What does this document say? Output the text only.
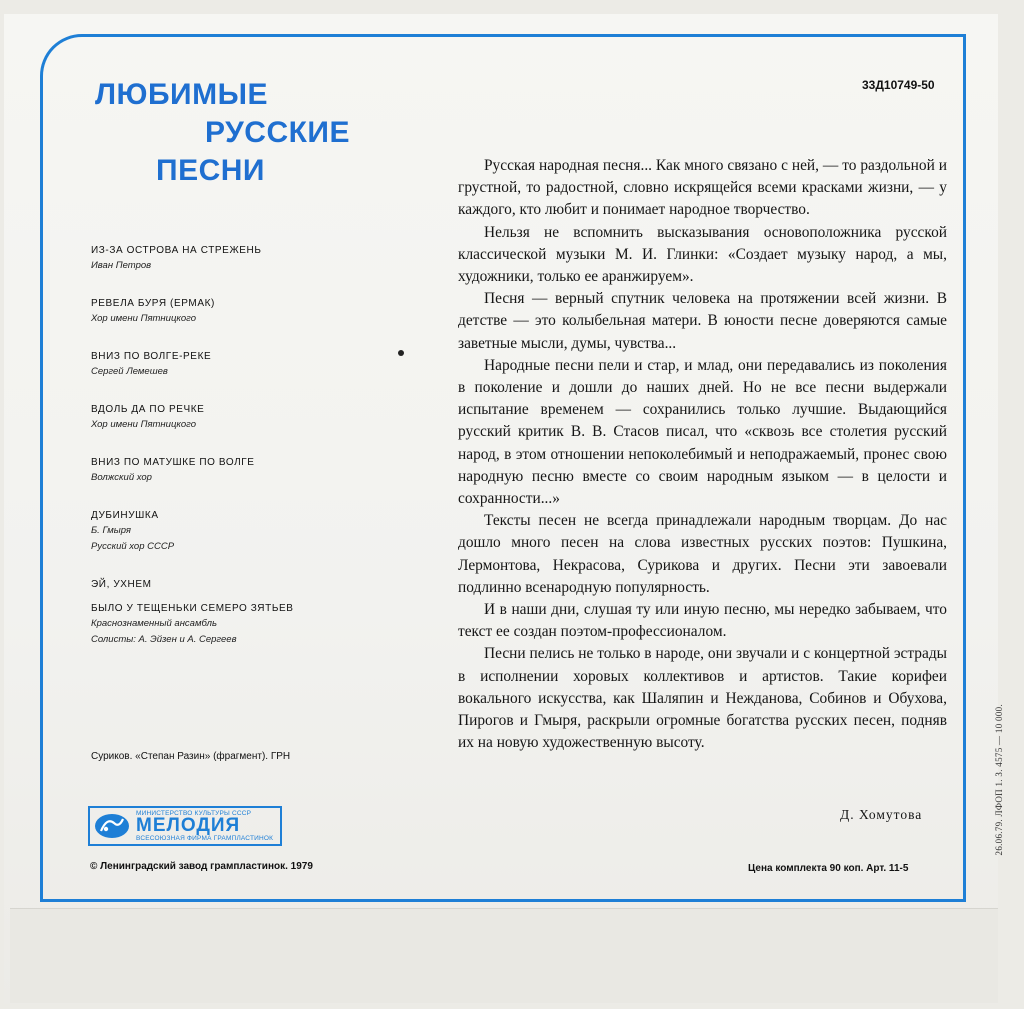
ЛЮБИМЫЕ
РУССКИЕ
ПЕСНИ
33Д10749-50
ИЗ-ЗА ОСТРОВА НА СТРЕЖЕНЬ
Иван Петров
РЕВЕЛА БУРЯ (ЕРМАК)
Хор имени Пятницкого
ВНИЗ ПО ВОЛГЕ-РЕКЕ
Сергей Лемешев
ВДОЛЬ ДА ПО РЕЧКЕ
Хор имени Пятницкого
ВНИЗ ПО МАТУШКЕ ПО ВОЛГЕ
Волжский хор
ДУБИНУШКА
Б. Гмыря
Русский хор СССР
ЭЙ, УХНЕМ
БЫЛО У ТЕЩЕНЬКИ СЕМЕРО ЗЯТЬЕВ
Краснознаменный ансамбль
Солисты: А. Эйзен и А. Сергеев
Суриков. «Степан Разин» (фрагмент). ГРН
МИНИСТЕРСТВО КУЛЬТУРЫ СССР
МЕЛОДИЯ
ВСЕСОЮЗНАЯ ФИРМА ГРАМПЛАСТИНОК
© Ленинградский завод грампластинок. 1979	Цена комплекта 90 коп. Арт. 11-5

Русская народная песня... Как много связано с ней, — то раздольной и грустной, то радостной, словно искрящейся всеми красками жизни, — у каждого, кто любит и понимает народное творчество.

Нельзя не вспомнить высказывания основоположника русской классической музыки М. И. Глинки: «Создает музыку народ, а мы, художники, только ее аранжируем».

Песня — верный спутник человека на протяжении всей жизни. В детстве — это колыбельная матери. В юности песне доверяются самые заветные мысли, думы, чувства...

Народные песни пели и стар, и млад, они передавались из поколения в поколение и дошли до наших дней. Но не все песни выдержали испытание временем — сохранились только лучшие. Выдающийся русский критик В. В. Стасов писал, что «сквозь все столетия русский народ, в этом отношении непоколебимый и неподражаемый, пронес свою народную песню вместе со своим народным языком — в целости и сохранности...»

Тексты песен не всегда принадлежали народным творцам. До нас дошло много песен на слова известных русских поэтов: Пушкина, Лермонтова, Некрасова, Сурикова и других. Песни эти завоевали подлинно всенародную популярность.

И в наши дни, слушая ту или иную песню, мы нередко забываем, что текст ее создан поэтом-профессионалом.

Песни пелись не только в народе, они звучали и с концертной эстрады в исполнении хоровых коллективов и артистов. Такие корифеи вокального искусства, как Шаляпин и Нежданова, Собинов и Обухова, Пирогов и Гмыря, раскрыли огромные богатства русских песен, подняв их на новую художественную высоту.

Д. Хомутова	26.06.79. ЛФОП 1. З. 4575 — 10 000.
